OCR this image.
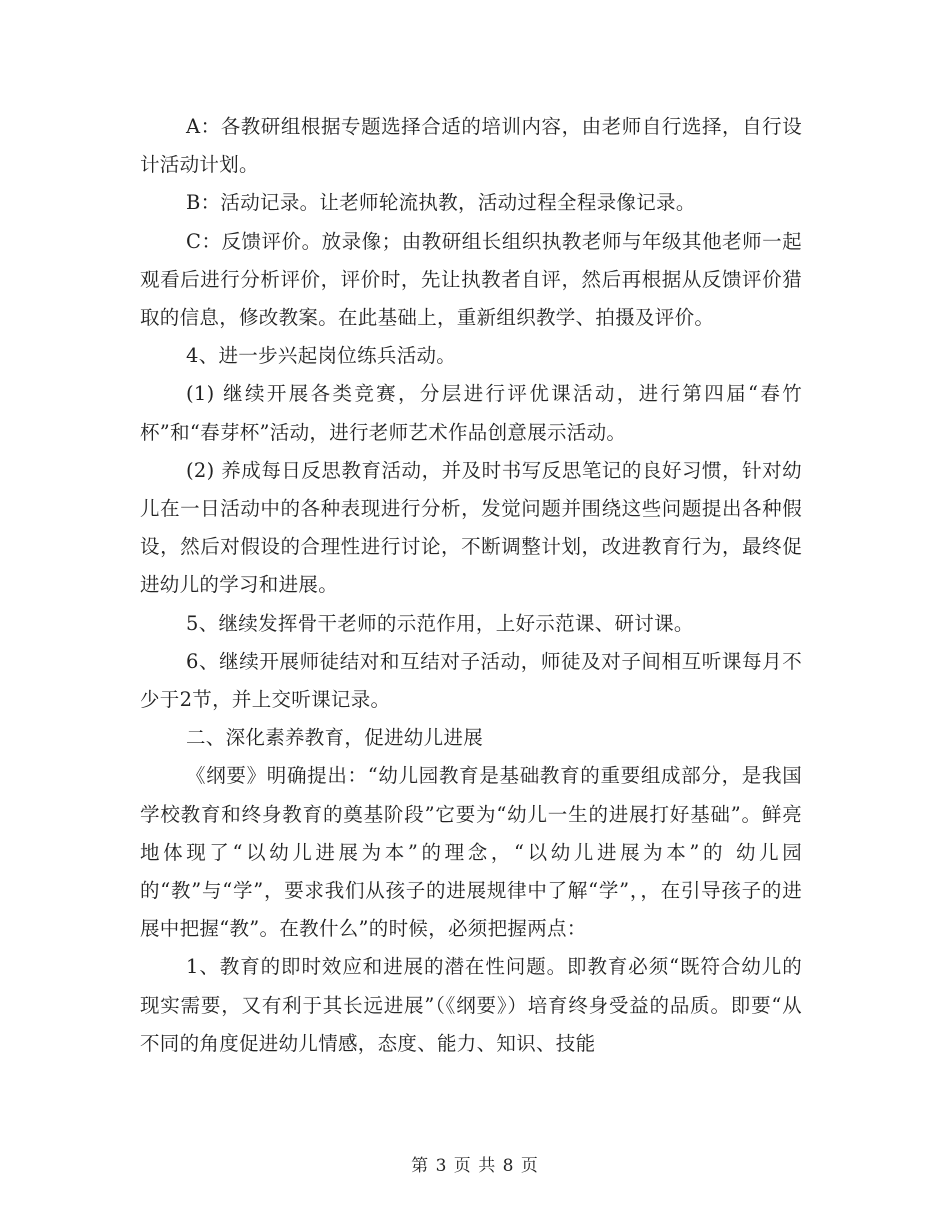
A：各教研组根据专题选择合适的培训内容，由老师自行选择，自行设计活动计划。

B：活动记录。让老师轮流执教，活动过程全程录像记录。

C：反馈评价。放录像；由教研组长组织执教老师与年级其他老师一起观看后进行分析评价，评价时，先让执教者自评，然后再根据从反馈评价猎取的信息，修改教案。在此基础上，重新组织教学、拍摄及评价。

4、进一步兴起岗位练兵活动。

(1) 继续开展各类竞赛，分层进行评优课活动，进行第四届“春竹杯”和“春芽杯”活动，进行老师艺术作品创意展示活动。

(2) 养成每日反思教育活动，并及时书写反思笔记的良好习惯，针对幼儿在一日活动中的各种表现进行分析，发觉问题并围绕这些问题提出各种假设，然后对假设的合理性进行讨论，不断调整计划，改进教育行为，最终促进幼儿的学习和进展。

5、继续发挥骨干老师的示范作用，上好示范课、研讨课。

6、继续开展师徒结对和互结对子活动，师徒及对子间相互听课每月不少于2节，并上交听课记录。

二、深化素养教育，促进幼儿进展

《纲要》明确提出：“幼儿园教育是基础教育的重要组成部分，是我国学校教育和终身教育的奠基阶段”它要为“幼儿一生的进展打好基础”。鲜亮地体现了“以幼儿进展为本”的理念，“以幼儿进展为本”的 幼儿园的“教”与“学”，要求我们从孩子的进展规律中了解“学”，，在引导孩子的进展中把握“教”。在教什么”的时候，必须把握两点：

1、教育的即时效应和进展的潜在性问题。即教育必须“既符合幼儿的现实需要，又有利于其长远进展”（《纲要》）培育终身受益的品质。即要“从不同的角度促进幼儿情感，态度、能力、知识、技能

第 3 页 共 8 页
